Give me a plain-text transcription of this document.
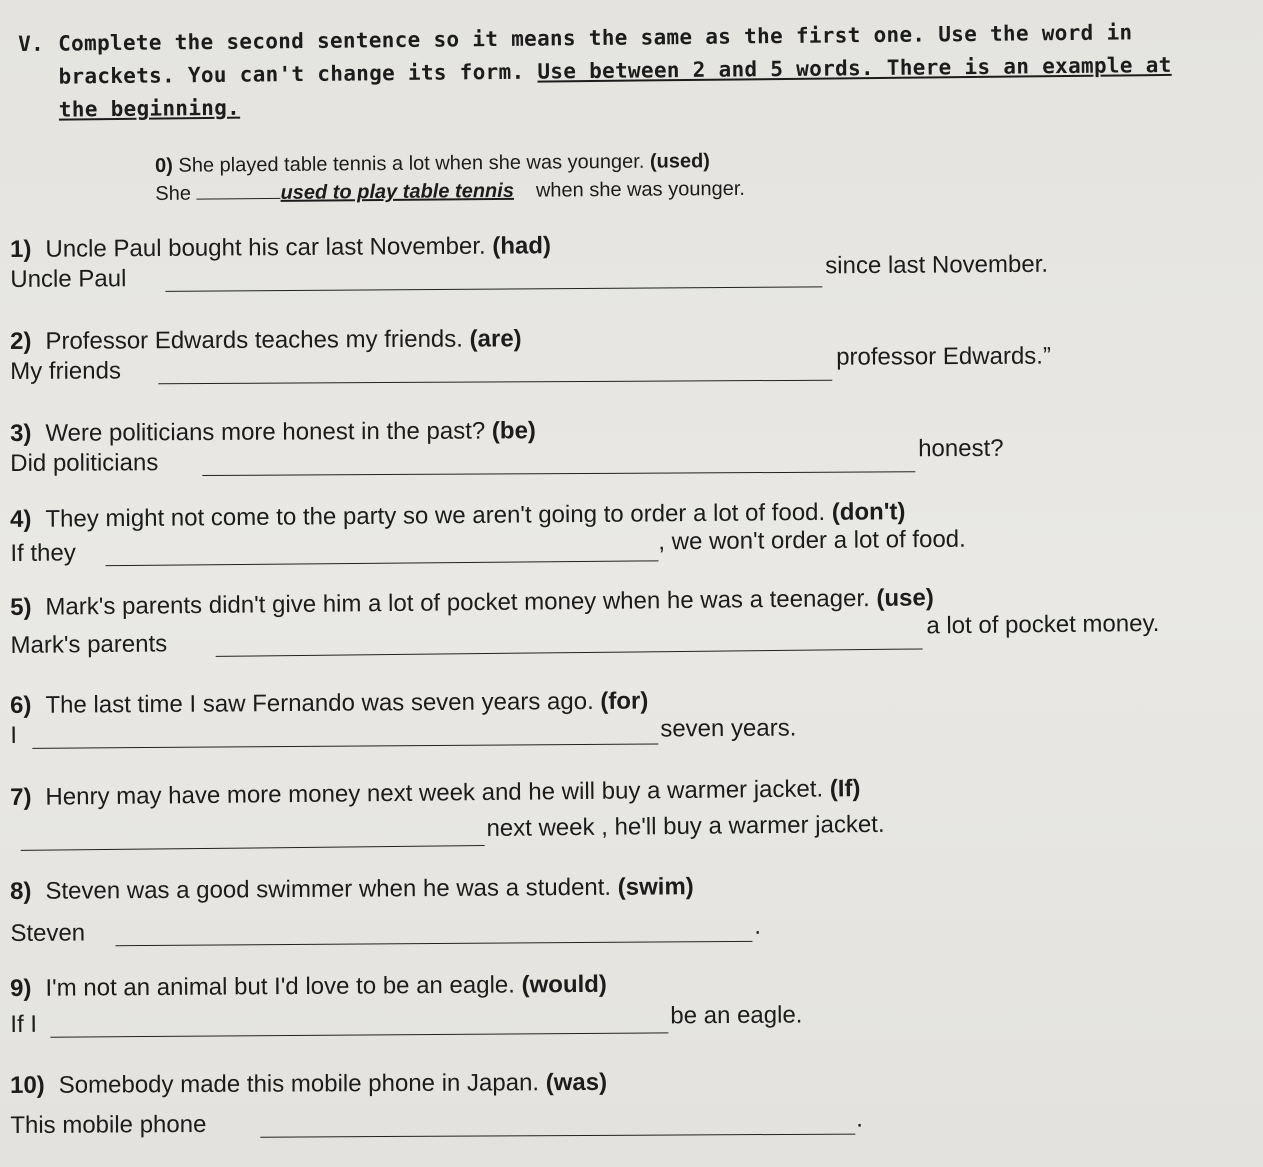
V. Complete the second sentence so it means the same as the first one. Use the word in
brackets. You can't change its form. Use between 2 and 5 words. There is an example at
the beginning.
0) She played table tennis a lot when she was younger. (used)
She	used to play table tennis when she was younger.
1) Uncle Paul bought his car last November. (had)
Uncle Paul	since last November.
2) Professor Edwards teaches my friends. (are)
My friends
professor Edwards.”
3) Were politicians more honest in the past? (be)
Did politicians
honest?
4) They might not come to the party so we aren't going to order a lot of food. (don't)
If they	, we won't order a lot of food.
5) Mark's parents didn't give him a lot of pocket money when he was a teenager. (use)
Mark's parents
a lot of pocket money.
6) The last time I saw Fernando was seven years ago. (for)
I	seven years.
7) Henry may have more money next week and he will buy a warmer jacket. (If)
next week , he'll buy a warmer jacket.
8) Steven was a good swimmer when he was a student. (swim)
Steven	.
9) I'm not an animal but I'd love to be an eagle. (would)
If I	be an eagle.
10) Somebody made this mobile phone in Japan. (was)
This mobile phone	.
